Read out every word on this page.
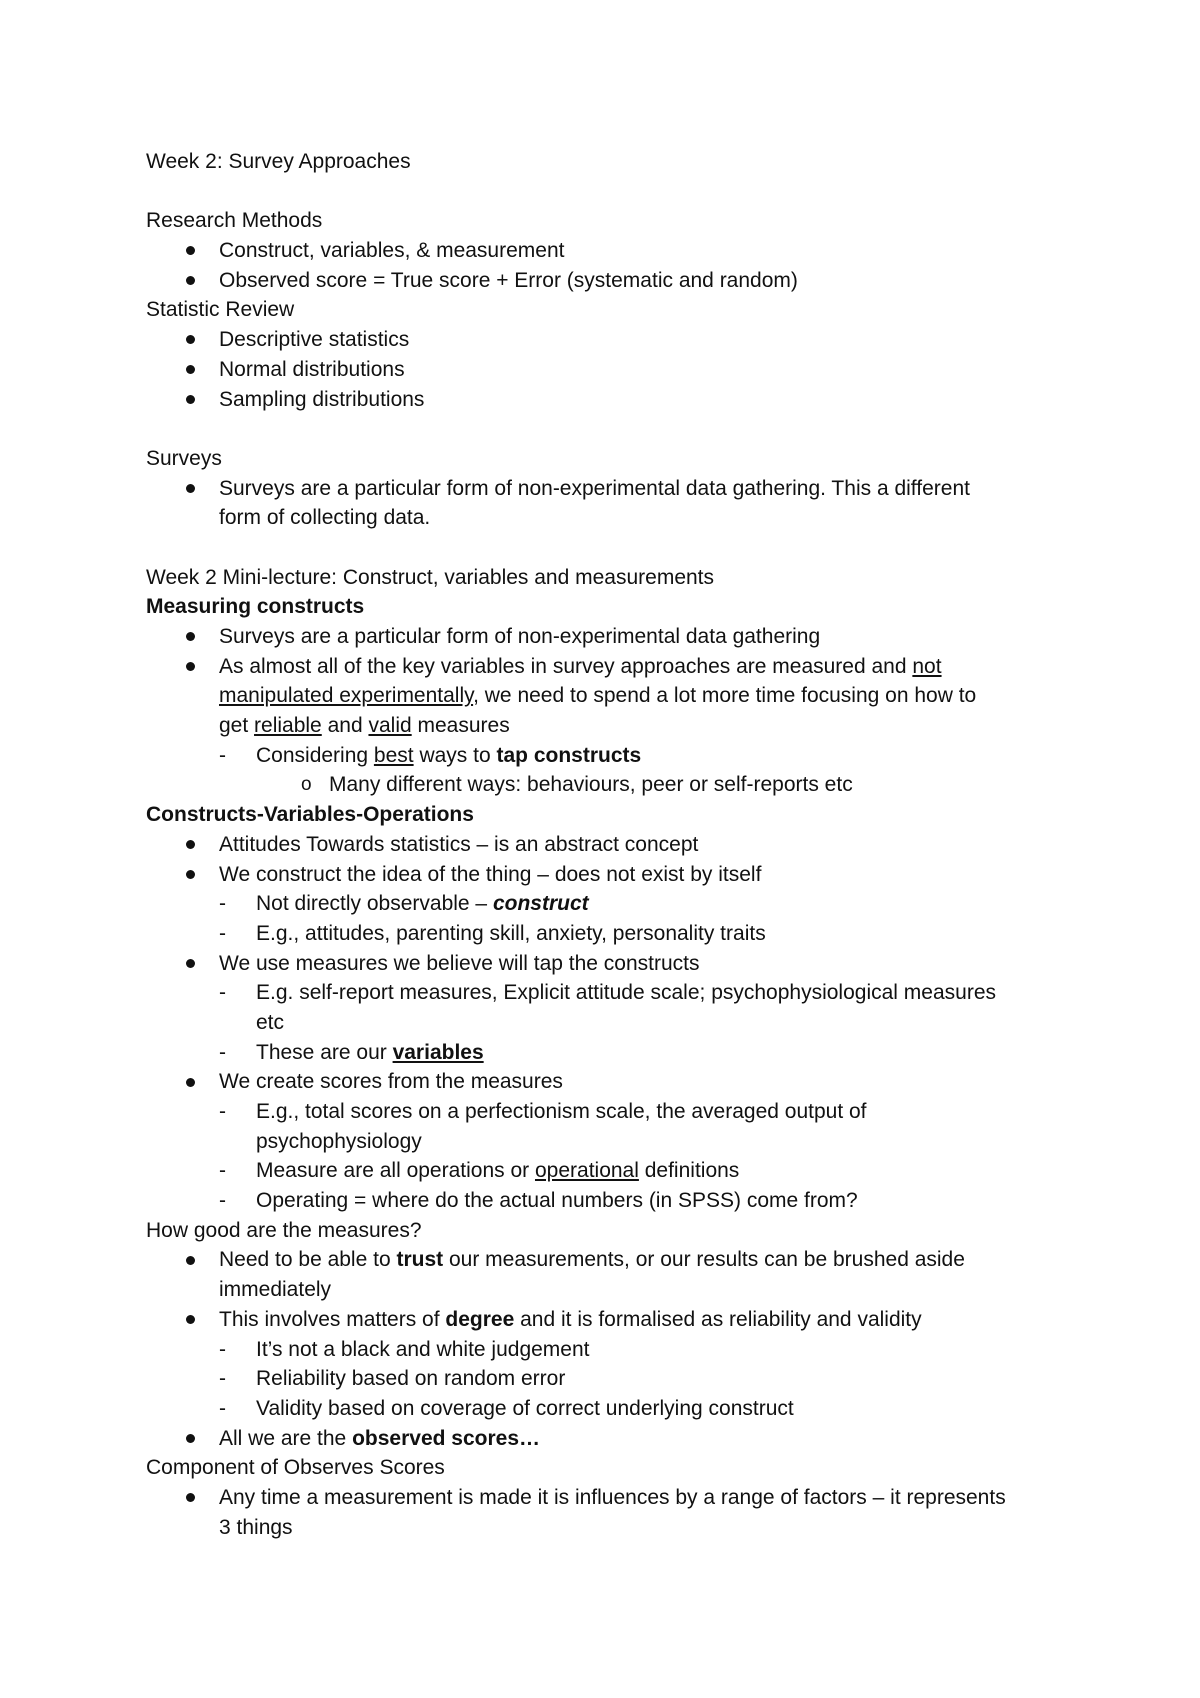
Week 2: Survey Approaches
Research Methods
Construct, variables, & measurement
Observed score = True score + Error (systematic and random)
Statistic Review
Descriptive statistics
Normal distributions
Sampling distributions
Surveys
Surveys are a particular form of non-experimental data gathering. This a different
form of collecting data.
Week 2 Mini-lecture: Construct, variables and measurements
Measuring constructs
Surveys are a particular form of non-experimental data gathering
As almost all of the key variables in survey approaches are measured and not
manipulated experimentally, we need to spend a lot more time focusing on how to
get reliable and valid measures
- Considering best ways to tap constructs
o Many different ways: behaviours, peer or self-reports etc
Constructs-Variables-Operations
Attitudes Towards statistics – is an abstract concept
We construct the idea of the thing – does not exist by itself
- Not directly observable – construct
- E.g., attitudes, parenting skill, anxiety, personality traits
We use measures we believe will tap the constructs
- E.g. self-report measures, Explicit attitude scale; psychophysiological measures
etc
- These are our variables
We create scores from the measures
- E.g., total scores on a perfectionism scale, the averaged output of
psychophysiology
- Measure are all operations or operational definitions
- Operating = where do the actual numbers (in SPSS) come from?
How good are the measures?
Need to be able to trust our measurements, or our results can be brushed aside
immediately
This involves matters of degree and it is formalised as reliability and validity
- It’s not a black and white judgement
- Reliability based on random error
- Validity based on coverage of correct underlying construct
All we are the observed scores…
Component of Observes Scores
Any time a measurement is made it is influences by a range of factors – it represents
3 things
